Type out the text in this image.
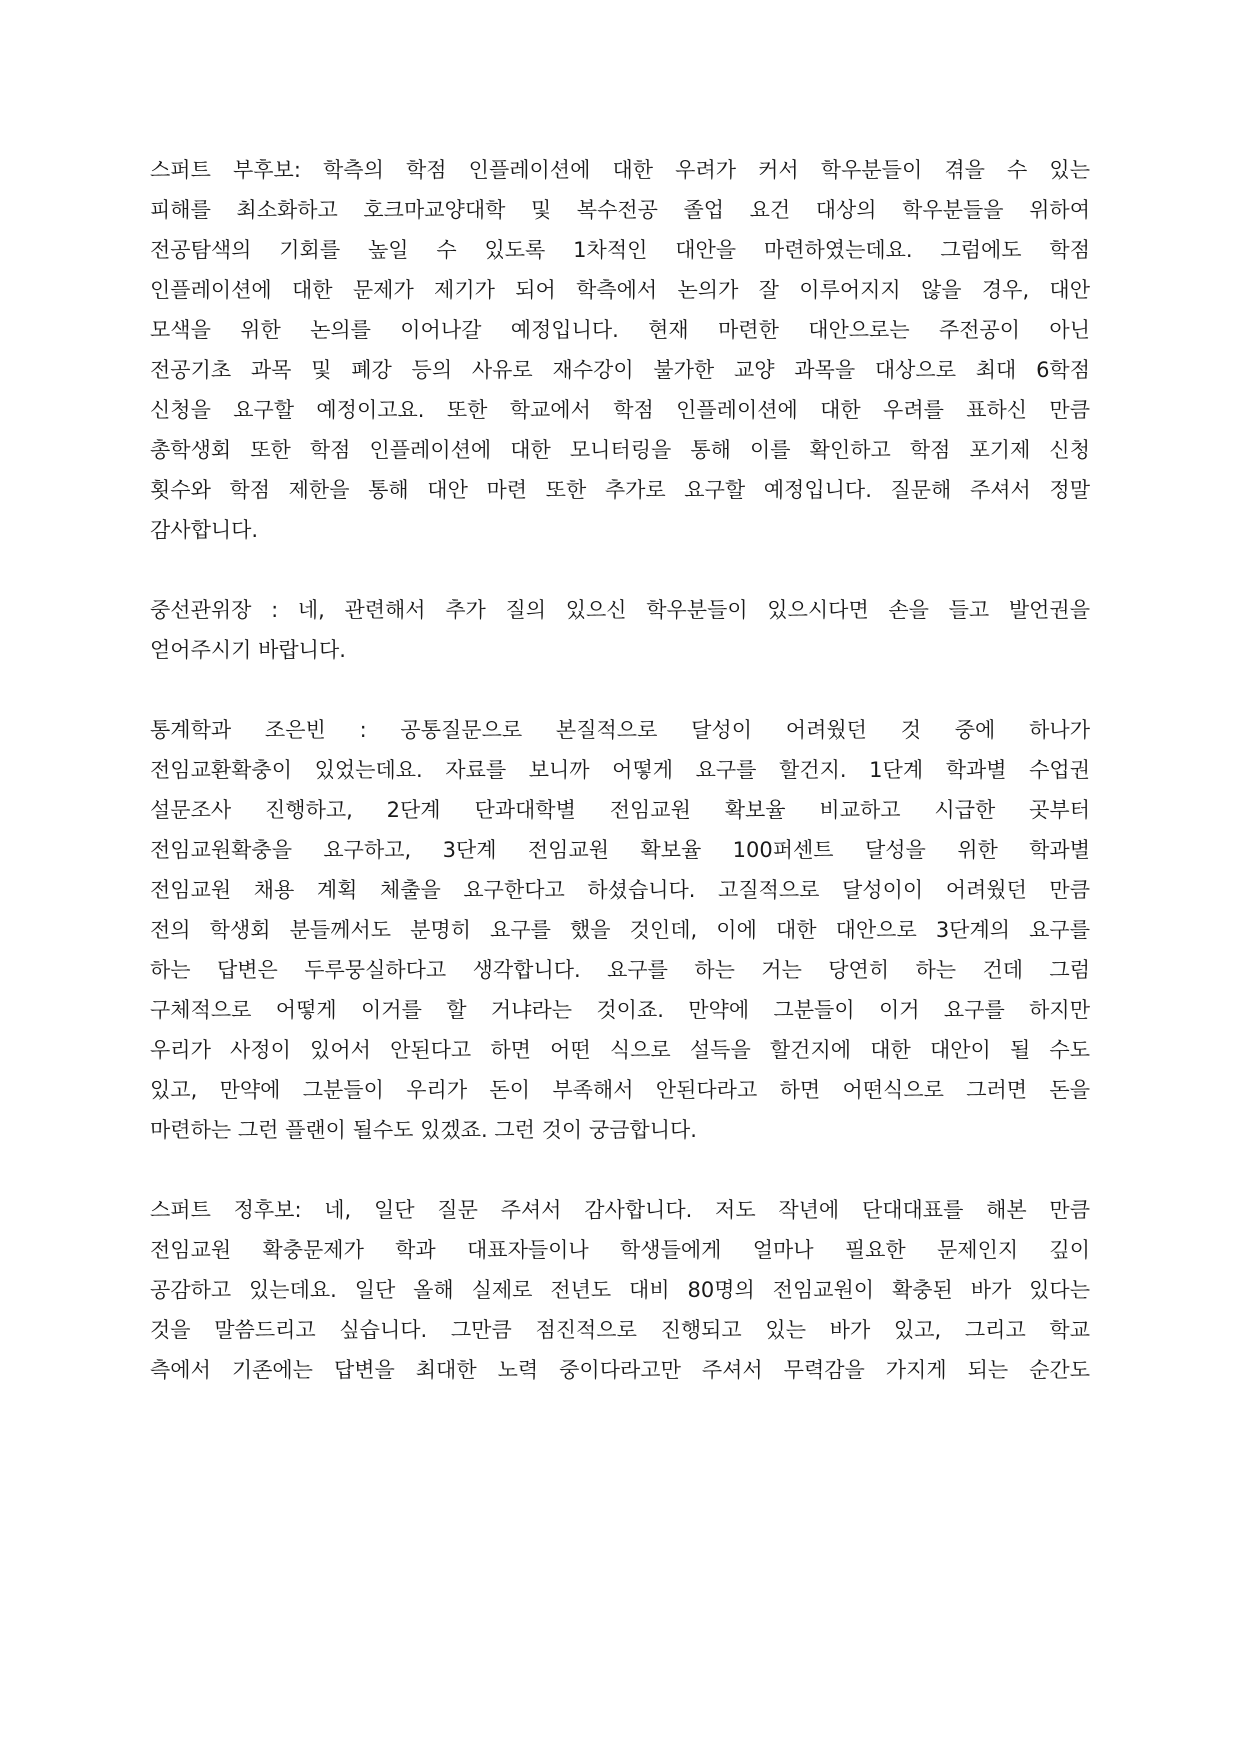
스퍼트 부후보: 학측의 학점 인플레이션에 대한 우려가 커서 학우분들이 겪을 수 있는
피해를 최소화하고 호크마교양대학 및 복수전공 졸업 요건 대상의 학우분들을 위하여
전공탐색의 기회를 높일 수 있도록 1차적인 대안을 마련하였는데요. 그럼에도 학점
인플레이션에 대한 문제가 제기가 되어 학측에서 논의가 잘 이루어지지 않을 경우, 대안
모색을 위한 논의를 이어나갈 예정입니다. 현재 마련한 대안으로는 주전공이 아닌
전공기초 과목 및 폐강 등의 사유로 재수강이 불가한 교양 과목을 대상으로 최대 6학점
신청을 요구할 예정이고요. 또한 학교에서 학점 인플레이션에 대한 우려를 표하신 만큼
총학생회 또한 학점 인플레이션에 대한 모니터링을 통해 이를 확인하고 학점 포기제 신청
횟수와 학점 제한을 통해 대안 마련 또한 추가로 요구할 예정입니다. 질문해 주셔서 정말
감사합니다.
중선관위장 : 네, 관련해서 추가 질의 있으신 학우분들이 있으시다면 손을 들고 발언권을
얻어주시기 바랍니다.
통계학과 조은빈 : 공통질문으로 본질적으로 달성이 어려웠던 것 중에 하나가
전임교환확충이 있었는데요. 자료를 보니까 어떻게 요구를 할건지. 1단계 학과별 수업권
설문조사 진행하고, 2단계 단과대학별 전임교원 확보율 비교하고 시급한 곳부터
전임교원확충을 요구하고, 3단계 전임교원 확보율 100퍼센트 달성을 위한 학과별
전임교원 채용 계획 체출을 요구한다고 하셨습니다. 고질적으로 달성이이 어려웠던 만큼
전의 학생회 분들께서도 분명히 요구를 했을 것인데, 이에 대한 대안으로 3단계의 요구를
하는 답변은 두루뭉실하다고 생각합니다. 요구를 하는 거는 당연히 하는 건데 그럼
구체적으로 어떻게 이거를 할 거냐라는 것이죠. 만약에 그분들이 이거 요구를 하지만
우리가 사정이 있어서 안된다고 하면 어떤 식으로 설득을 할건지에 대한 대안이 될 수도
있고, 만약에 그분들이 우리가 돈이 부족해서 안된다라고 하면 어떤식으로 그러면 돈을
마련하는 그런 플랜이 될수도 있겠죠. 그런 것이 궁금합니다.
스퍼트 정후보: 네, 일단 질문 주셔서 감사합니다. 저도 작년에 단대대표를 해본 만큼
전임교원 확충문제가 학과 대표자들이나 학생들에게 얼마나 필요한 문제인지 깊이
공감하고 있는데요. 일단 올해 실제로 전년도 대비 80명의 전임교원이 확충된 바가 있다는
것을 말씀드리고 싶습니다. 그만큼 점진적으로 진행되고 있는 바가 있고, 그리고 학교
측에서 기존에는 답변을 최대한 노력 중이다라고만 주셔서 무력감을 가지게 되는 순간도
